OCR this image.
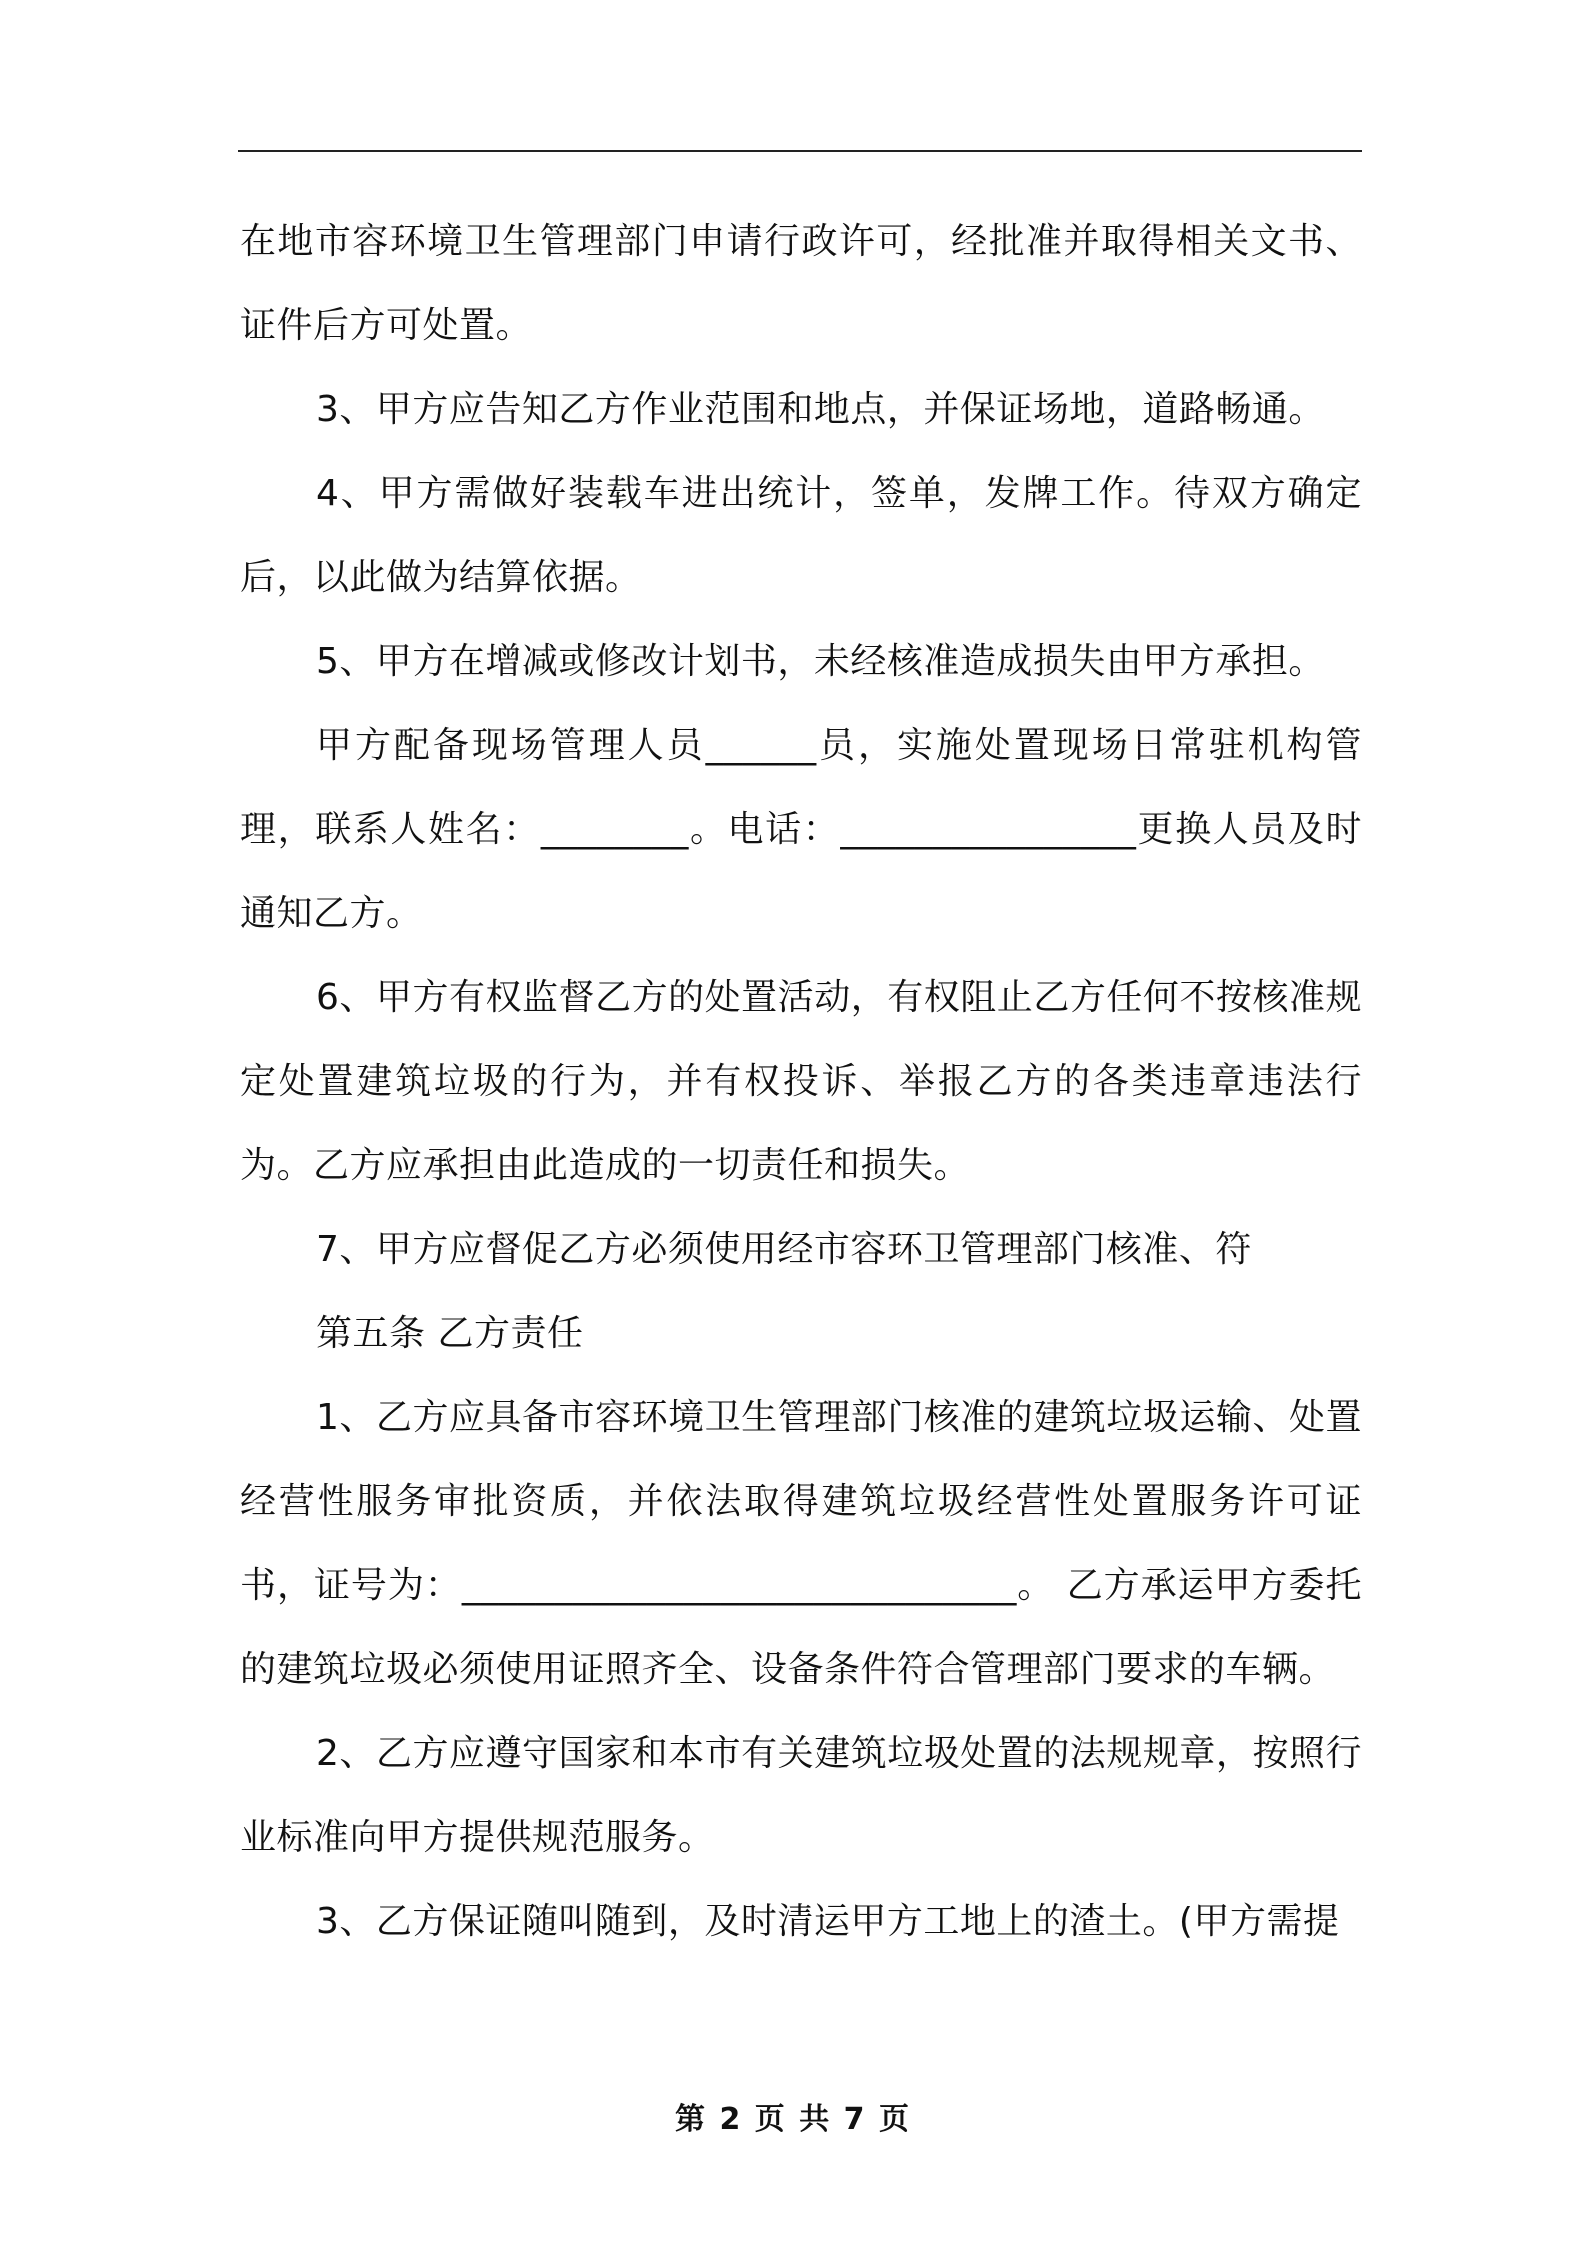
在地市容环境卫生管理部门申请行政许可，经批准并取得相关文书、证件后方可处置。

3、甲方应告知乙方作业范围和地点，并保证场地，道路畅通。

4、甲方需做好装载车进出统计，签单，发牌工作。待双方确定后，以此做为结算依据。

5、甲方在增减或修改计划书，未经核准造成损失由甲方承担。

甲方配备现场管理人员______员，实施处置现场日常驻机构管理，联系人姓名：________。电话：________________更换人员及时通知乙方。

6、甲方有权监督乙方的处置活动，有权阻止乙方任何不按核准规定处置建筑垃圾的行为，并有权投诉、举报乙方的各类违章违法行为。乙方应承担由此造成的一切责任和损失。

7、甲方应督促乙方必须使用经市容环卫管理部门核准、符

第五条 乙方责任

1、乙方应具备市容环境卫生管理部门核准的建筑垃圾运输、处置经营性服务审批资质，并依法取得建筑垃圾经营性处置服务许可证书，证号为：______________________________。 乙方承运甲方委托的建筑垃圾必须使用证照齐全、设备条件符合管理部门要求的车辆。

2、乙方应遵守国家和本市有关建筑垃圾处置的法规规章，按照行业标准向甲方提供规范服务。

3、乙方保证随叫随到，及时清运甲方工地上的渣土。(甲方需提

第 2 页 共 7 页
